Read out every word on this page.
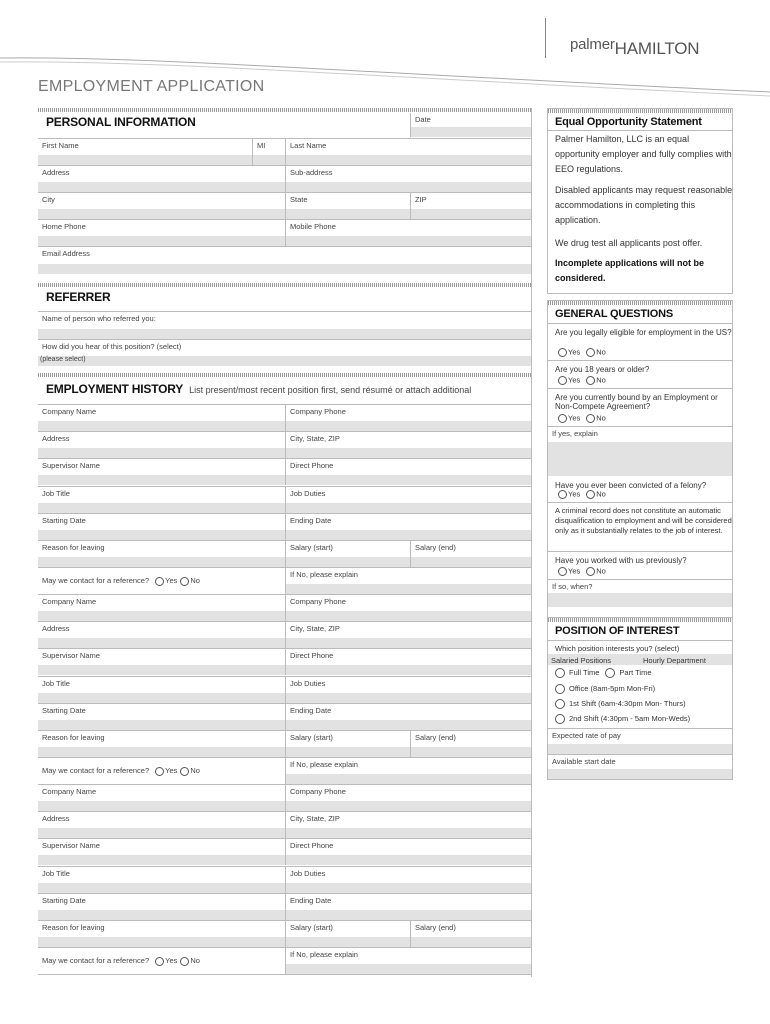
palmerHAMILTON
EMPLOYMENT APPLICATION
PERSONAL INFORMATION	Date
First Name	MI	Last Name
Address	Sub-address
City	State	ZIP
Home Phone	Mobile Phone
Email Address
REFERRER
Name of person who referred you:
How did you hear of this position? (select)
(please select)
EMPLOYMENT HISTORY List present/most recent position first, send résumé or attach additional
Company Name	Company Phone
Address	City, State, ZIP
Supervisor Name	Direct Phone
Job Title	Job Duties
Starting Date	Ending Date
Reason for leaving	Salary (start)	Salary (end)
May we contact for a reference? Yes No
If No, please explain
Company Name	Company Phone
Address	City, State, ZIP
Supervisor Name	Direct Phone
Job Title	Job Duties
Starting Date	Ending Date
Reason for leaving	Salary (start)	Salary (end)
May we contact for a reference? Yes No
If No, please explain
Company Name	Company Phone
Address	City, State, ZIP
Supervisor Name	Direct Phone
Job Title	Job Duties
Starting Date	Ending Date
Reason for leaving	Salary (start)	Salary (end)
May we contact for a reference? Yes No
If No, please explain
Equal Opportunity Statement
Palmer Hamilton, LLC is an equal opportunity employer and fully complies with EEO regulations.
Disabled applicants may request reasonable accommodations in completing this application.
We drug test all applicants post offer.
Incomplete applications will not be considered.
GENERAL QUESTIONS
Are you legally eligible for employment in the US?
Yes No
Are you 18 years or older?
Yes No
Are you currently bound by an Employment or Non-Compete Agreement?
Yes No
If yes, explain
Have you ever been convicted of a felony?
Yes No
A criminal record does not constitute an automatic disqualification to employment and will be considered only as it substantially relates to the job of interest.
Have you worked with us previously?
Yes No
If so, when?
POSITION OF INTEREST
Which position interests you? (select)
Salaried Positions	Hourly Department
Full Time	Part Time
Office (8am-5pm Mon-Fri)
1st Shift (6am-4:30pm Mon- Thurs)
2nd Shift (4:30pm - 5am Mon-Weds)
Expected rate of pay
Available start date
